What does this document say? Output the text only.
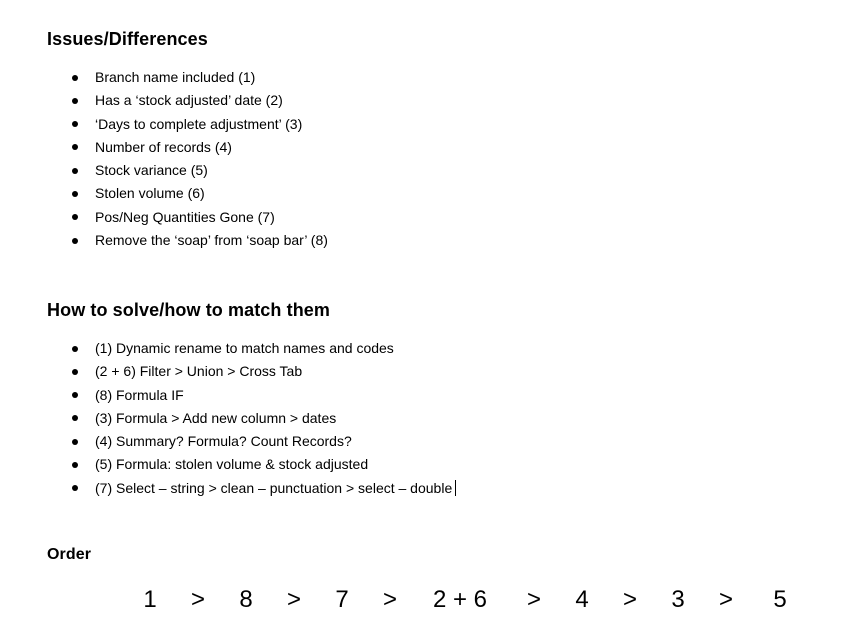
Issues/Differences
Branch name included (1)
Has a ‘stock adjusted’ date (2)
‘Days to complete adjustment’ (3)
Number of records (4)
Stock variance (5)
Stolen volume (6)
Pos/Neg Quantities Gone (7)
Remove the ‘soap’ from ‘soap bar’ (8)
How to solve/how to match them
(1) Dynamic rename to match names and codes
(2 + 6) Filter > Union > Cross Tab
(8) Formula IF
(3) Formula > Add new column > dates
(4) Summary? Formula? Count Records?
(5) Formula: stolen volume & stock adjusted
(7) Select – string > clean – punctuation > select – double
Order
1 > 8 > 7 > 2 + 6 > 4 > 3 > 5
